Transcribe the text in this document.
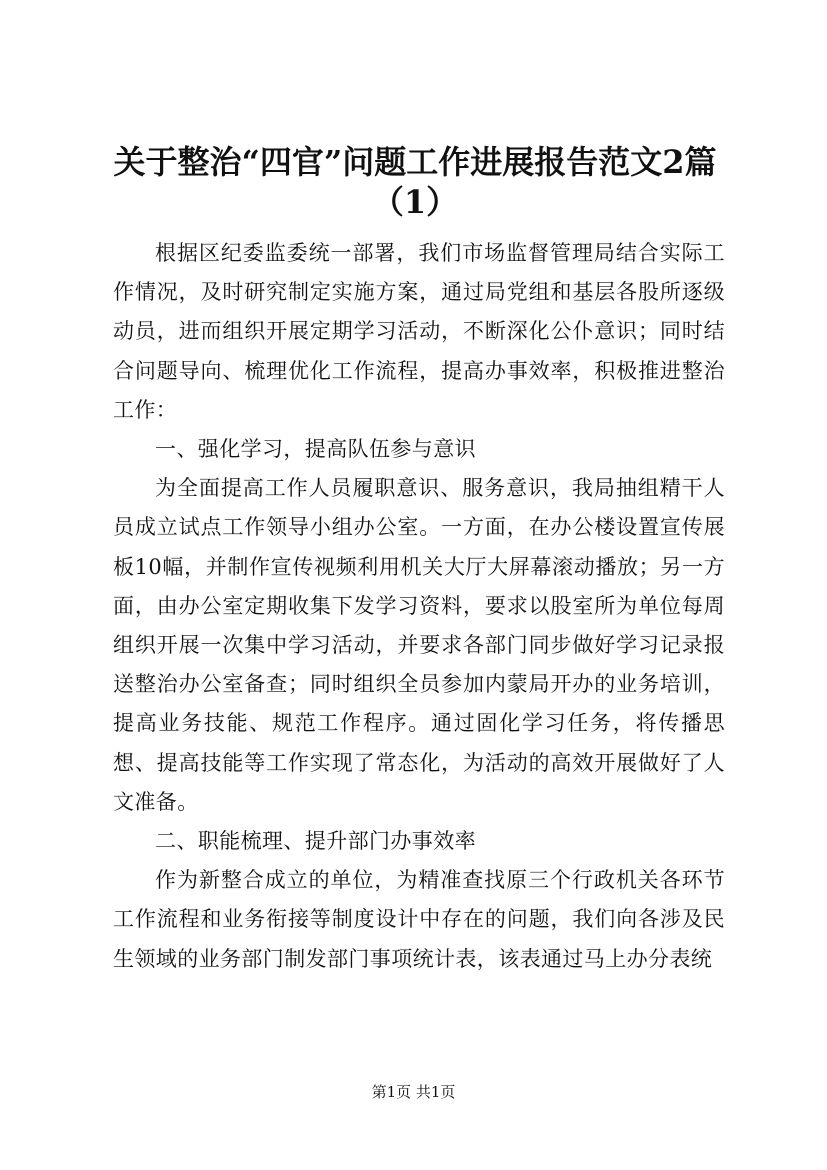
关于整治“四官”问题工作进展报告范文2篇
（1）

根据区纪委监委统一部署，我们市场监督管理局结合实际工作情况，及时研究制定实施方案，通过局党组和基层各股所逐级动员，进而组织开展定期学习活动，不断深化公仆意识；同时结合问题导向、梳理优化工作流程，提高办事效率，积极推进整治工作：

一、强化学习，提高队伍参与意识

为全面提高工作人员履职意识、服务意识，我局抽组精干人员成立试点工作领导小组办公室。一方面，在办公楼设置宣传展板10幅，并制作宣传视频利用机关大厅大屏幕滚动播放；另一方面，由办公室定期收集下发学习资料，要求以股室所为单位每周组织开展一次集中学习活动，并要求各部门同步做好学习记录报送整治办公室备查；同时组织全员参加内蒙局开办的业务培训，提高业务技能、规范工作程序。通过固化学习任务，将传播思想、提高技能等工作实现了常态化，为活动的高效开展做好了人文准备。

二、职能梳理、提升部门办事效率

作为新整合成立的单位，为精准查找原三个行政机关各环节工作流程和业务衔接等制度设计中存在的问题，我们向各涉及民生领域的业务部门制发部门事项统计表，该表通过马上办分表统

第1页 共1页
